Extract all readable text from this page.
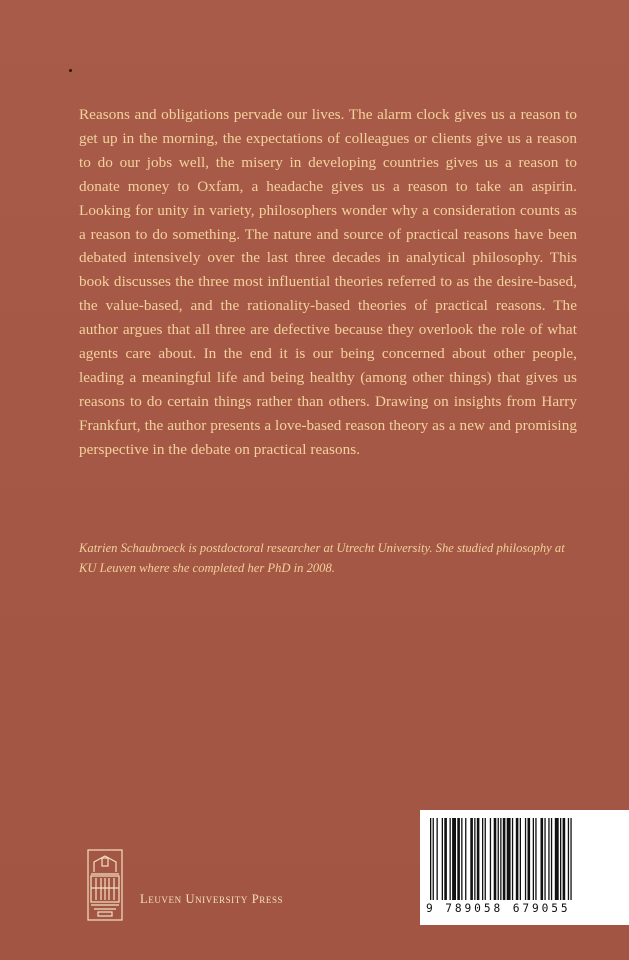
Reasons and obligations pervade our lives. The alarm clock gives us a reason to get up in the morning, the expectations of colleagues or clients give us a reason to do our jobs well, the misery in developing countries gives us a reason to donate money to Oxfam, a headache gives us a reason to take an aspirin. Looking for unity in variety, philosophers wonder why a consideration counts as a reason to do something. The nature and source of practical reasons have been debated intensively over the last three decades in analytical philosophy. This book discusses the three most influential theories referred to as the desire-based, the value-based, and the rationality-based theories of practical reasons. The author argues that all three are defective because they overlook the role of what agents care about. In the end it is our being concerned about other people, leading a meaningful life and being healthy (among other things) that gives us reasons to do certain things rather than others. Drawing on insights from Harry Frankfurt, the author presents a love-based reason theory as a new and promising perspective in the debate on practical reasons.

Katrien Schaubroeck is postdoctoral researcher at Utrecht University. She studied philosophy at KU Leuven where she completed her PhD in 2008.

Leuven University Press
9 789058 679055
